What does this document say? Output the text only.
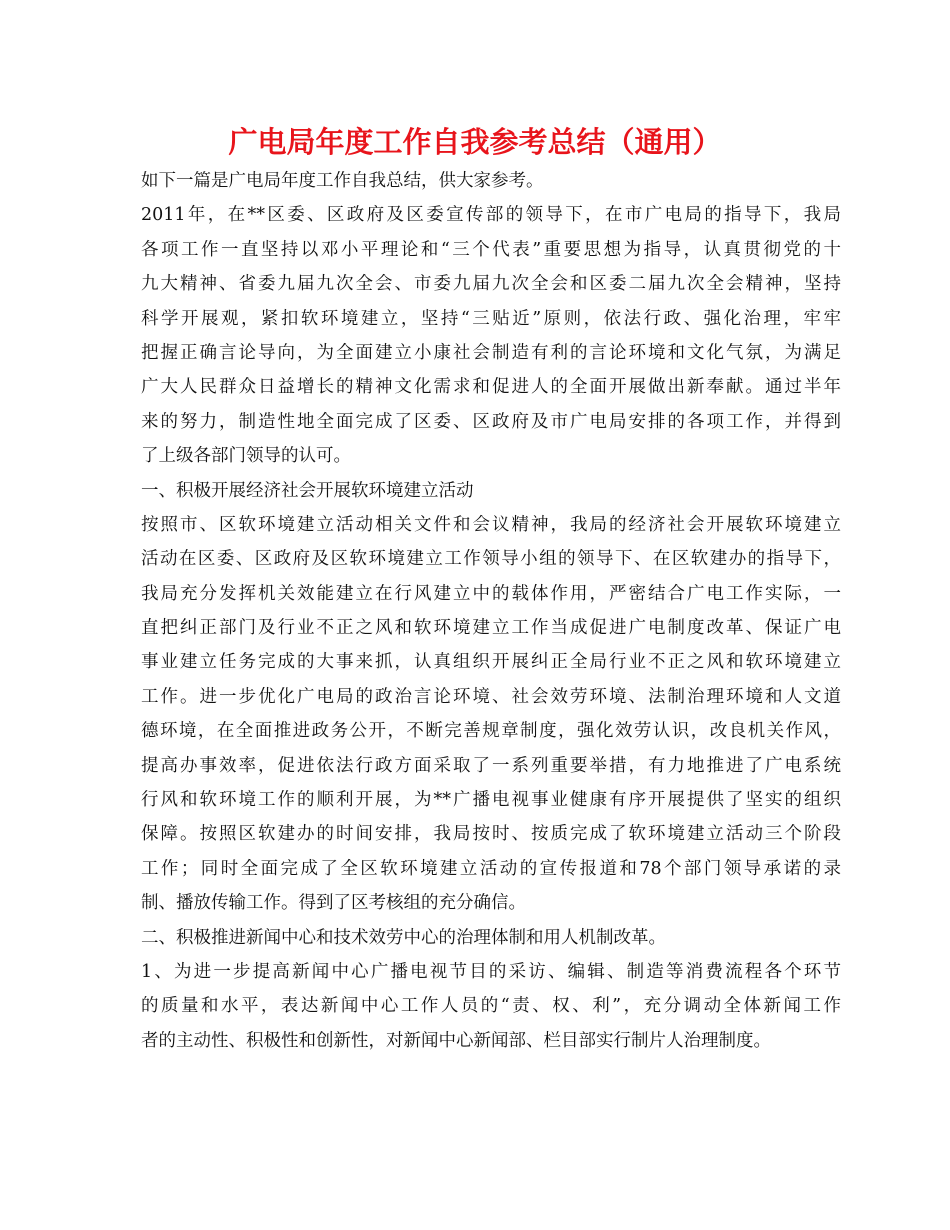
广电局年度工作自我参考总结（通用）
如下一篇是广电局年度工作自我总结，供大家参考。
2011年，在**区委、区政府及区委宣传部的领导下，在市广电局的指导下，我局
各项工作一直坚持以邓小平理论和“三个代表”重要思想为指导，认真贯彻党的十
九大精神、省委九届九次全会、市委九届九次全会和区委二届九次全会精神，坚持
科学开展观，紧扣软环境建立，坚持“三贴近”原则，依法行政、强化治理，牢牢
把握正确言论导向，为全面建立小康社会制造有利的言论环境和文化气氛，为满足
广大人民群众日益增长的精神文化需求和促进人的全面开展做出新奉献。通过半年
来的努力，制造性地全面完成了区委、区政府及市广电局安排的各项工作，并得到
了上级各部门领导的认可。
一、积极开展经济社会开展软环境建立活动
按照市、区软环境建立活动相关文件和会议精神，我局的经济社会开展软环境建立
活动在区委、区政府及区软环境建立工作领导小组的领导下、在区软建办的指导下，
我局充分发挥机关效能建立在行风建立中的载体作用，严密结合广电工作实际，一
直把纠正部门及行业不正之风和软环境建立工作当成促进广电制度改革、保证广电
事业建立任务完成的大事来抓，认真组织开展纠正全局行业不正之风和软环境建立
工作。进一步优化广电局的政治言论环境、社会效劳环境、法制治理环境和人文道
德环境，在全面推进政务公开，不断完善规章制度，强化效劳认识，改良机关作风，
提高办事效率，促进依法行政方面采取了一系列重要举措，有力地推进了广电系统
行风和软环境工作的顺利开展，为**广播电视事业健康有序开展提供了坚实的组织
保障。按照区软建办的时间安排，我局按时、按质完成了软环境建立活动三个阶段
工作；同时全面完成了全区软环境建立活动的宣传报道和78个部门领导承诺的录
制、播放传输工作。得到了区考核组的充分确信。
二、积极推进新闻中心和技术效劳中心的治理体制和用人机制改革。
1、为进一步提高新闻中心广播电视节目的采访、编辑、制造等消费流程各个环节
的质量和水平，表达新闻中心工作人员的“责、权、利”，充分调动全体新闻工作
者的主动性、积极性和创新性，对新闻中心新闻部、栏目部实行制片人治理制度。
